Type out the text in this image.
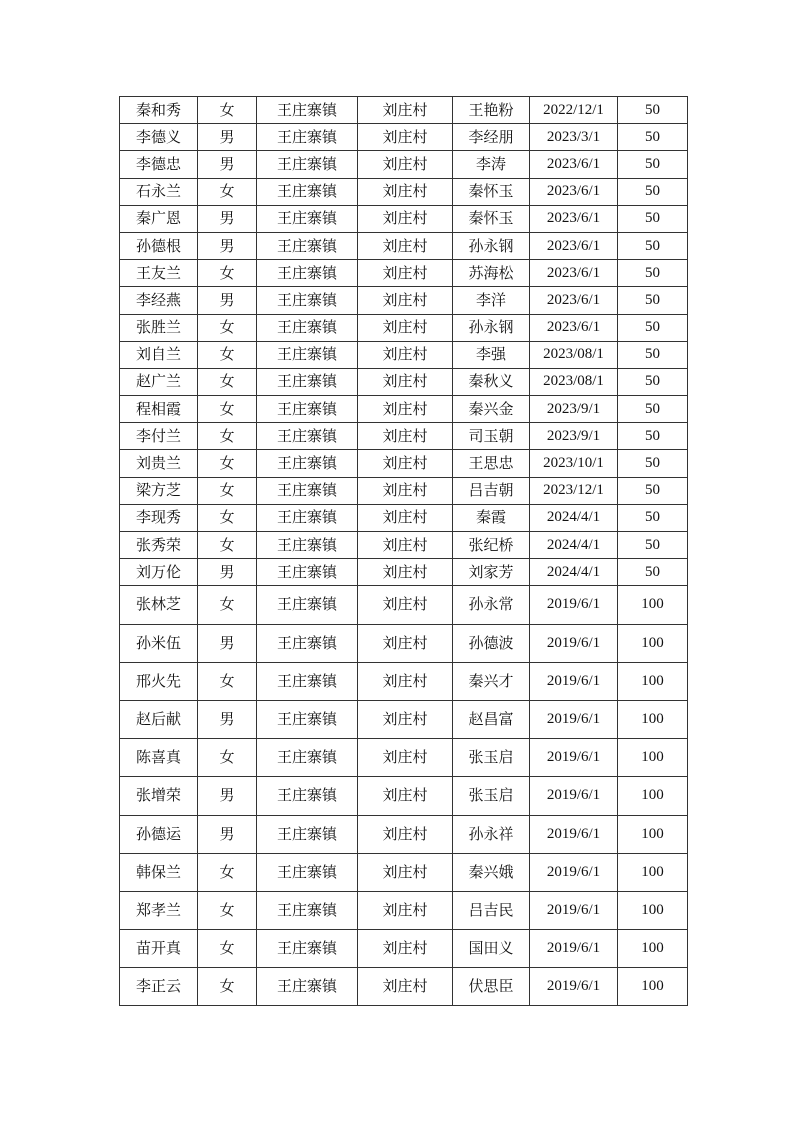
秦和秀	女	王庄寨镇	刘庄村	王艳粉	2022/12/1	50
李德义	男	王庄寨镇	刘庄村	李经朋	2023/3/1	50
李德忠	男	王庄寨镇	刘庄村	李涛	2023/6/1	50
石永兰	女	王庄寨镇	刘庄村	秦怀玉	2023/6/1	50
秦广恩	男	王庄寨镇	刘庄村	秦怀玉	2023/6/1	50
孙德根	男	王庄寨镇	刘庄村	孙永钢	2023/6/1	50
王友兰	女	王庄寨镇	刘庄村	苏海松	2023/6/1	50
李经燕	男	王庄寨镇	刘庄村	李洋	2023/6/1	50
张胜兰	女	王庄寨镇	刘庄村	孙永钢	2023/6/1	50
刘自兰	女	王庄寨镇	刘庄村	李强	2023/08/1	50
赵广兰	女	王庄寨镇	刘庄村	秦秋义	2023/08/1	50
程相霞	女	王庄寨镇	刘庄村	秦兴金	2023/9/1	50
李付兰	女	王庄寨镇	刘庄村	司玉朝	2023/9/1	50
刘贵兰	女	王庄寨镇	刘庄村	王思忠	2023/10/1	50
梁方芝	女	王庄寨镇	刘庄村	吕吉朝	2023/12/1	50
李现秀	女	王庄寨镇	刘庄村	秦霞	2024/4/1	50
张秀荣	女	王庄寨镇	刘庄村	张纪桥	2024/4/1	50
刘万伦	男	王庄寨镇	刘庄村	刘家芳	2024/4/1	50
张林芝	女	王庄寨镇	刘庄村	孙永常	2019/6/1	100
孙米伍	男	王庄寨镇	刘庄村	孙德波	2019/6/1	100
邢火先	女	王庄寨镇	刘庄村	秦兴才	2019/6/1	100
赵后献	男	王庄寨镇	刘庄村	赵昌富	2019/6/1	100
陈喜真	女	王庄寨镇	刘庄村	张玉启	2019/6/1	100
张增荣	男	王庄寨镇	刘庄村	张玉启	2019/6/1	100
孙德运	男	王庄寨镇	刘庄村	孙永祥	2019/6/1	100
韩保兰	女	王庄寨镇	刘庄村	秦兴娥	2019/6/1	100
郑孝兰	女	王庄寨镇	刘庄村	吕吉民	2019/6/1	100
苗开真	女	王庄寨镇	刘庄村	国田义	2019/6/1	100
李正云	女	王庄寨镇	刘庄村	伏思臣	2019/6/1	100
